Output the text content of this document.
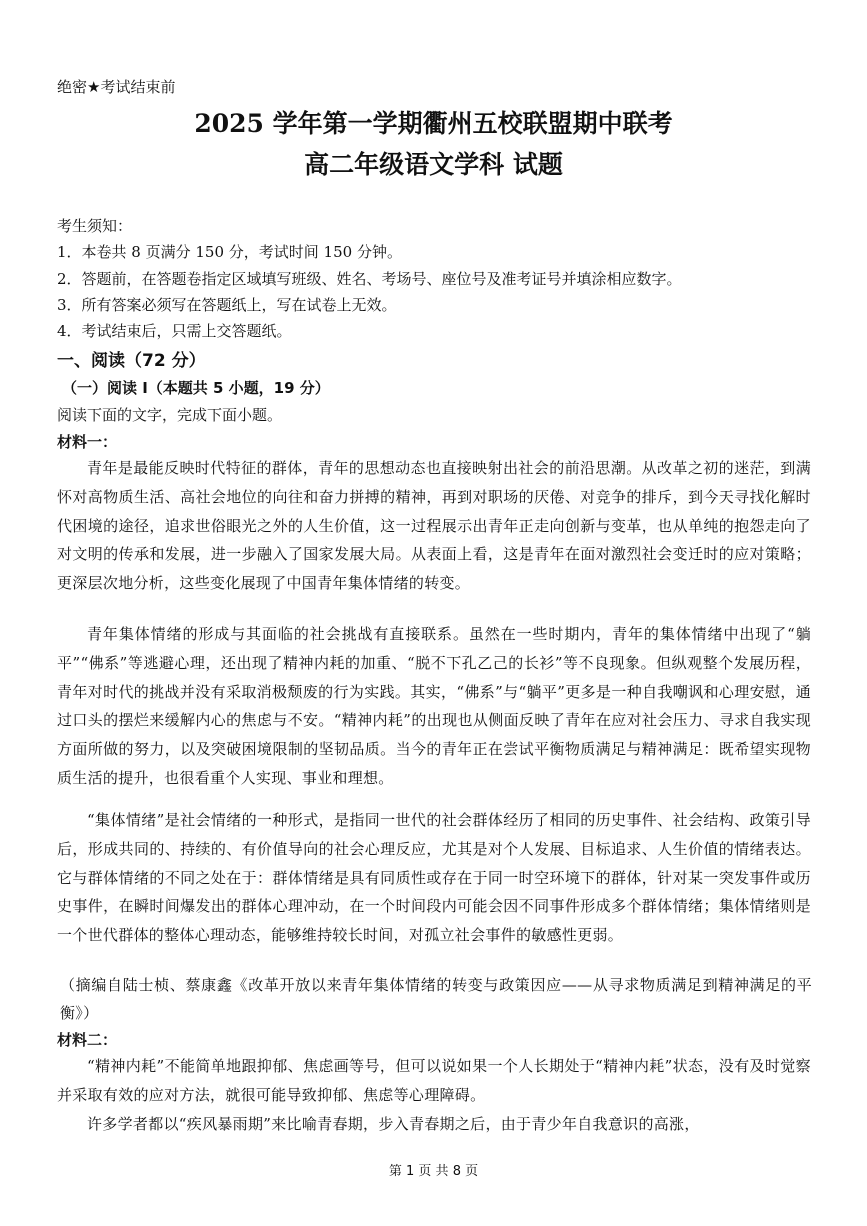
绝密★考试结束前
2025 学年第一学期衢州五校联盟期中联考
高二年级语文学科 试题
考生须知：
1．本卷共 8 页满分 150 分，考试时间 150 分钟。
2．答题前，在答题卷指定区域填写班级、姓名、考场号、座位号及准考证号并填涂相应数字。
3．所有答案必须写在答题纸上，写在试卷上无效。
4．考试结束后，只需上交答题纸。
一、阅读（72 分）
（一）阅读 I（本题共 5 小题，19 分）
阅读下面的文字，完成下面小题。
材料一：
青年是最能反映时代特征的群体，青年的思想动态也直接映射出社会的前沿思潮。从改革之初的迷茫，到满怀对高物质生活、高社会地位的向往和奋力拼搏的精神，再到对职场的厌倦、对竞争的排斥，到今天寻找化解时代困境的途径，追求世俗眼光之外的人生价值，这一过程展示出青年正走向创新与变革，也从单纯的抱怨走向了对文明的传承和发展，进一步融入了国家发展大局。从表面上看，这是青年在面对激烈社会变迁时的应对策略；更深层次地分析，这些变化展现了中国青年集体情绪的转变。
青年集体情绪的形成与其面临的社会挑战有直接联系。虽然在一些时期内，青年的集体情绪中出现了“躺平”“佛系”等逃避心理，还出现了精神内耗的加重、“脱不下孔乙己的长衫”等不良现象。但纵观整个发展历程，青年对时代的挑战并没有采取消极颓废的行为实践。其实，“佛系”与“躺平”更多是一种自我嘲讽和心理安慰，通过口头的摆烂来缓解内心的焦虑与不安。“精神内耗”的出现也从侧面反映了青年在应对社会压力、寻求自我实现方面所做的努力，以及突破困境限制的坚韧品质。当今的青年正在尝试平衡物质满足与精神满足：既希望实现物质生活的提升，也很看重个人实现、事业和理想。
“集体情绪”是社会情绪的一种形式，是指同一世代的社会群体经历了相同的历史事件、社会结构、政策引导后，形成共同的、持续的、有价值导向的社会心理反应，尤其是对个人发展、目标追求、人生价值的情绪表达。它与群体情绪的不同之处在于：群体情绪是具有同质性或存在于同一时空环境下的群体，针对某一突发事件或历史事件，在瞬时间爆发出的群体心理冲动，在一个时间段内可能会因不同事件形成多个群体情绪；集体情绪则是一个世代群体的整体心理动态，能够维持较长时间，对孤立社会事件的敏感性更弱。
（摘编自陆士桢、蔡康鑫《改革开放以来青年集体情绪的转变与政策因应——从寻求物质满足到精神满足的平衡》）
材料二：
“精神内耗”不能简单地跟抑郁、焦虑画等号，但可以说如果一个人长期处于“精神内耗”状态，没有及时觉察并采取有效的应对方法，就很可能导致抑郁、焦虑等心理障碍。
许多学者都以“疾风暴雨期”来比喻青春期，步入青春期之后，由于青少年自我意识的高涨，
第 1 页 共 8 页
